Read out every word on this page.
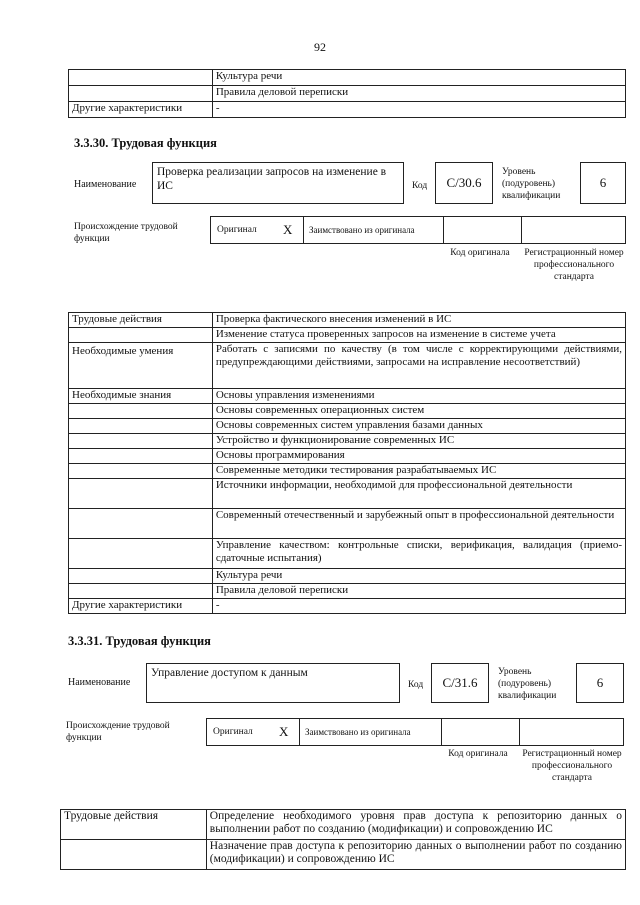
92
	Культура речи
	Правила деловой переписки
Другие характеристики	-
3.3.30. Трудовая функция
Наименование
Проверка реализации запросов на изменение в ИС	Код	C/30.6
Уровень (подуровень) квалификации
6
Происхождение трудовой функции
Оригинал X Заимствовано из оригинала
Код оригинала Регистрационный номер профессионального стандарта
Трудовые действия	Проверка фактического внесения изменений в ИС
	Изменение статуса проверенных запросов на изменение в системе учета
Необходимые умения	Работать с записями по качеству (в том числе с корректирующими действиями, предупреждающими действиями, запросами на исправление несоответствий)
Необходимые знания	Основы управления изменениями
	Основы современных операционных систем
	Основы современных систем управления базами данных
	Устройство и функционирование современных ИС
	Основы программирования
	Современные методики тестирования разрабатываемых ИС
	Источники информации, необходимой для профессиональной деятельности
	Современный отечественный и зарубежный опыт в профессиональной деятельности
	Управление качеством: контрольные списки, верификация, валидация (приемо-сдаточные испытания)
	Культура речи
	Правила деловой переписки
Другие характеристики	-
3.3.31. Трудовая функция
Наименование
Управление доступом к данным
Код	C/31.6
Уровень (подуровень) квалификации
6
Происхождение трудовой функции
Оригинал X Заимствовано из оригинала
Код оригинала Регистрационный номер профессионального стандарта
Трудовые действия	Определение необходимого уровня прав доступа к репозиторию данных о выполнении работ по созданию (модификации) и сопровождению ИС
	Назначение прав доступа к репозиторию данных о выполнении работ по созданию (модификации) и сопровождению ИС
